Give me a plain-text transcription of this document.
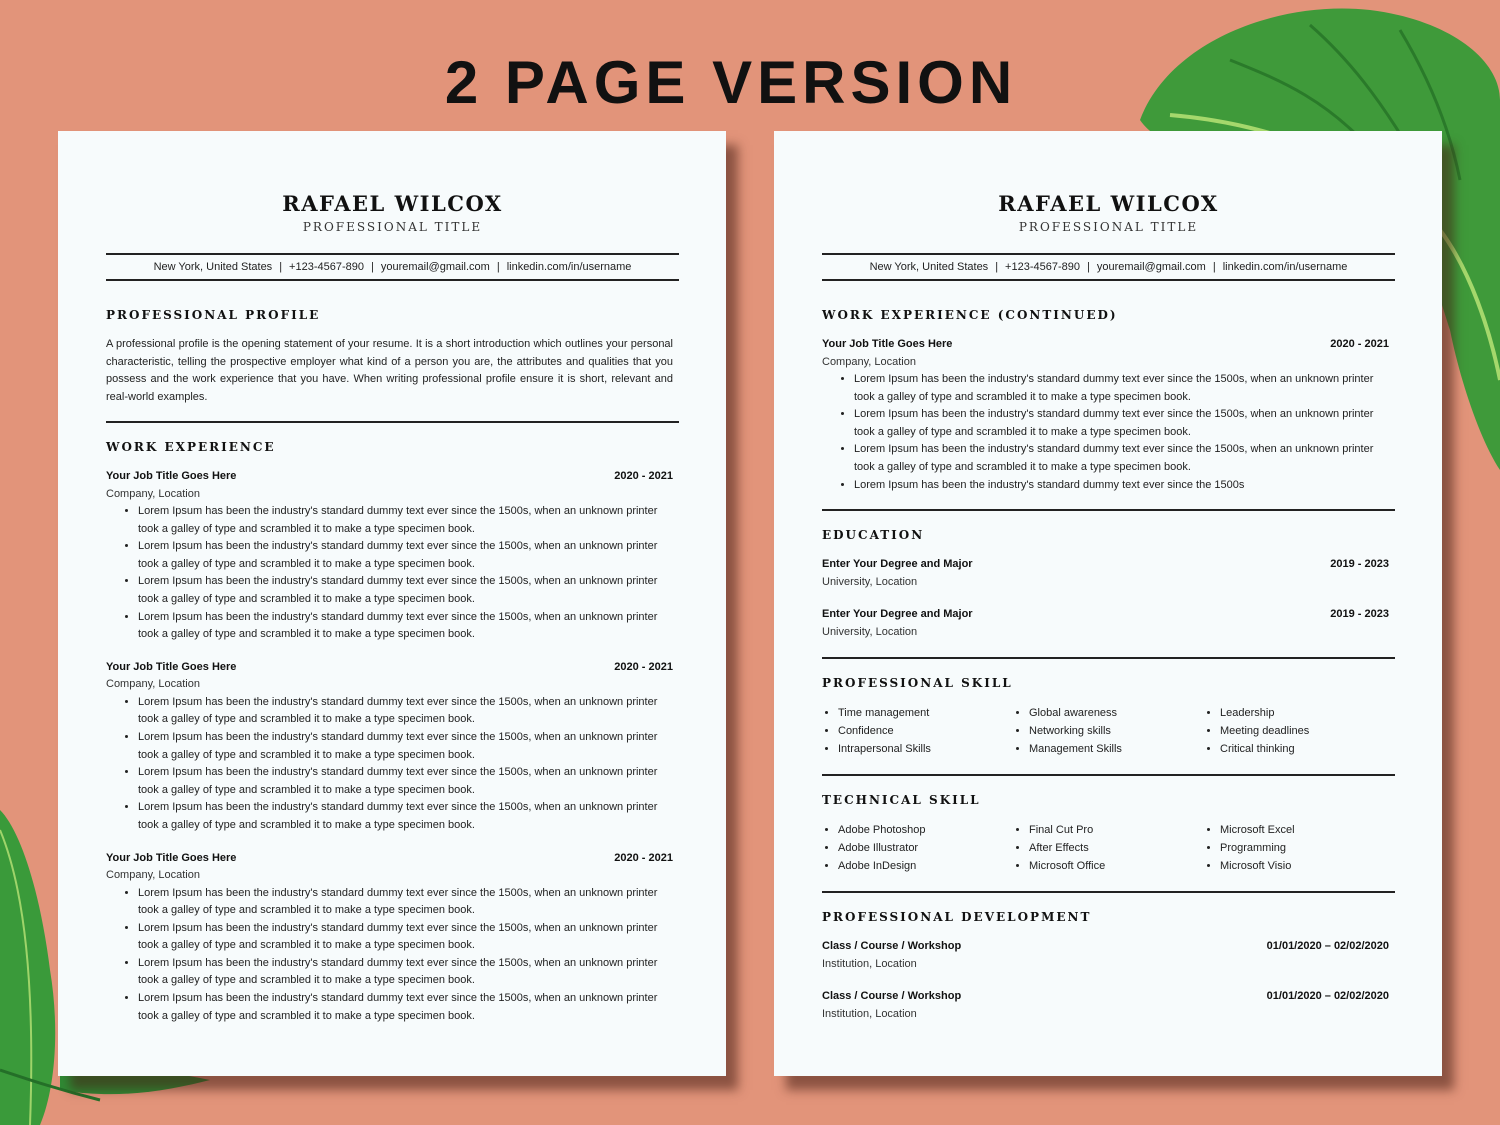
2 PAGE VERSION
RAFAEL WILCOX
PROFESSIONAL TITLE
New York, United States | +123-4567-890 | youremail@gmail.com | linkedin.com/in/username
PROFESSIONAL PROFILE

A professional profile is the opening statement of your resume. It is a short introduction which outlines your personal characteristic, telling the prospective employer what kind of a person you are, the attributes and qualities that you possess and the work experience that you have. When writing professional profile ensure it is short, relevant and real-world examples.

WORK EXPERIENCE
Your Job Title Goes Here	2020 - 2021
Company, Location
• Lorem Ipsum has been the industry's standard dummy text ever since the 1500s, when an unknown printer took a galley of type and scrambled it to make a type specimen book.
• Lorem Ipsum has been the industry's standard dummy text ever since the 1500s, when an unknown printer took a galley of type and scrambled it to make a type specimen book.
• Lorem Ipsum has been the industry's standard dummy text ever since the 1500s, when an unknown printer took a galley of type and scrambled it to make a type specimen book.
• Lorem Ipsum has been the industry's standard dummy text ever since the 1500s, when an unknown printer took a galley of type and scrambled it to make a type specimen book.
Your Job Title Goes Here	2020 - 2021
Company, Location
• Lorem Ipsum has been the industry's standard dummy text ever since the 1500s, when an unknown printer took a galley of type and scrambled it to make a type specimen book.
• Lorem Ipsum has been the industry's standard dummy text ever since the 1500s, when an unknown printer took a galley of type and scrambled it to make a type specimen book.
• Lorem Ipsum has been the industry's standard dummy text ever since the 1500s, when an unknown printer took a galley of type and scrambled it to make a type specimen book.
• Lorem Ipsum has been the industry's standard dummy text ever since the 1500s, when an unknown printer took a galley of type and scrambled it to make a type specimen book.
Your Job Title Goes Here	2020 - 2021
Company, Location
• Lorem Ipsum has been the industry's standard dummy text ever since the 1500s, when an unknown printer took a galley of type and scrambled it to make a type specimen book.
• Lorem Ipsum has been the industry's standard dummy text ever since the 1500s, when an unknown printer took a galley of type and scrambled it to make a type specimen book.
• Lorem Ipsum has been the industry's standard dummy text ever since the 1500s, when an unknown printer took a galley of type and scrambled it to make a type specimen book.
• Lorem Ipsum has been the industry's standard dummy text ever since the 1500s, when an unknown printer took a galley of type and scrambled it to make a type specimen book.
RAFAEL WILCOX
PROFESSIONAL TITLE
New York, United States | +123-4567-890 | youremail@gmail.com | linkedin.com/in/username
WORK EXPERIENCE (CONTINUED)
Your Job Title Goes Here	2020 - 2021
Company, Location
• Lorem Ipsum has been the industry's standard dummy text ever since the 1500s, when an unknown printer took a galley of type and scrambled it to make a type specimen book.
• Lorem Ipsum has been the industry's standard dummy text ever since the 1500s, when an unknown printer took a galley of type and scrambled it to make a type specimen book.
• Lorem Ipsum has been the industry's standard dummy text ever since the 1500s, when an unknown printer took a galley of type and scrambled it to make a type specimen book.
• Lorem Ipsum has been the industry's standard dummy text ever since the 1500s
EDUCATION
Enter Your Degree and Major	2019 - 2023
University, Location
Enter Your Degree and Major	2019 - 2023
University, Location
PROFESSIONAL SKILL
• Time management
• Confidence
• Intrapersonal Skills
• Global awareness
• Networking skills
• Management Skills
• Leadership
• Meeting deadlines
• Critical thinking
TECHNICAL SKILL
• Adobe Photoshop
• Adobe Illustrator
• Adobe InDesign
• Final Cut Pro
• After Effects
• Microsoft Office
• Microsoft Excel
• Programming
• Microsoft Visio
PROFESSIONAL DEVELOPMENT
Class / Course / Workshop	01/01/2020 – 02/02/2020
Institution, Location
Class / Course / Workshop	01/01/2020 – 02/02/2020
Institution, Location
